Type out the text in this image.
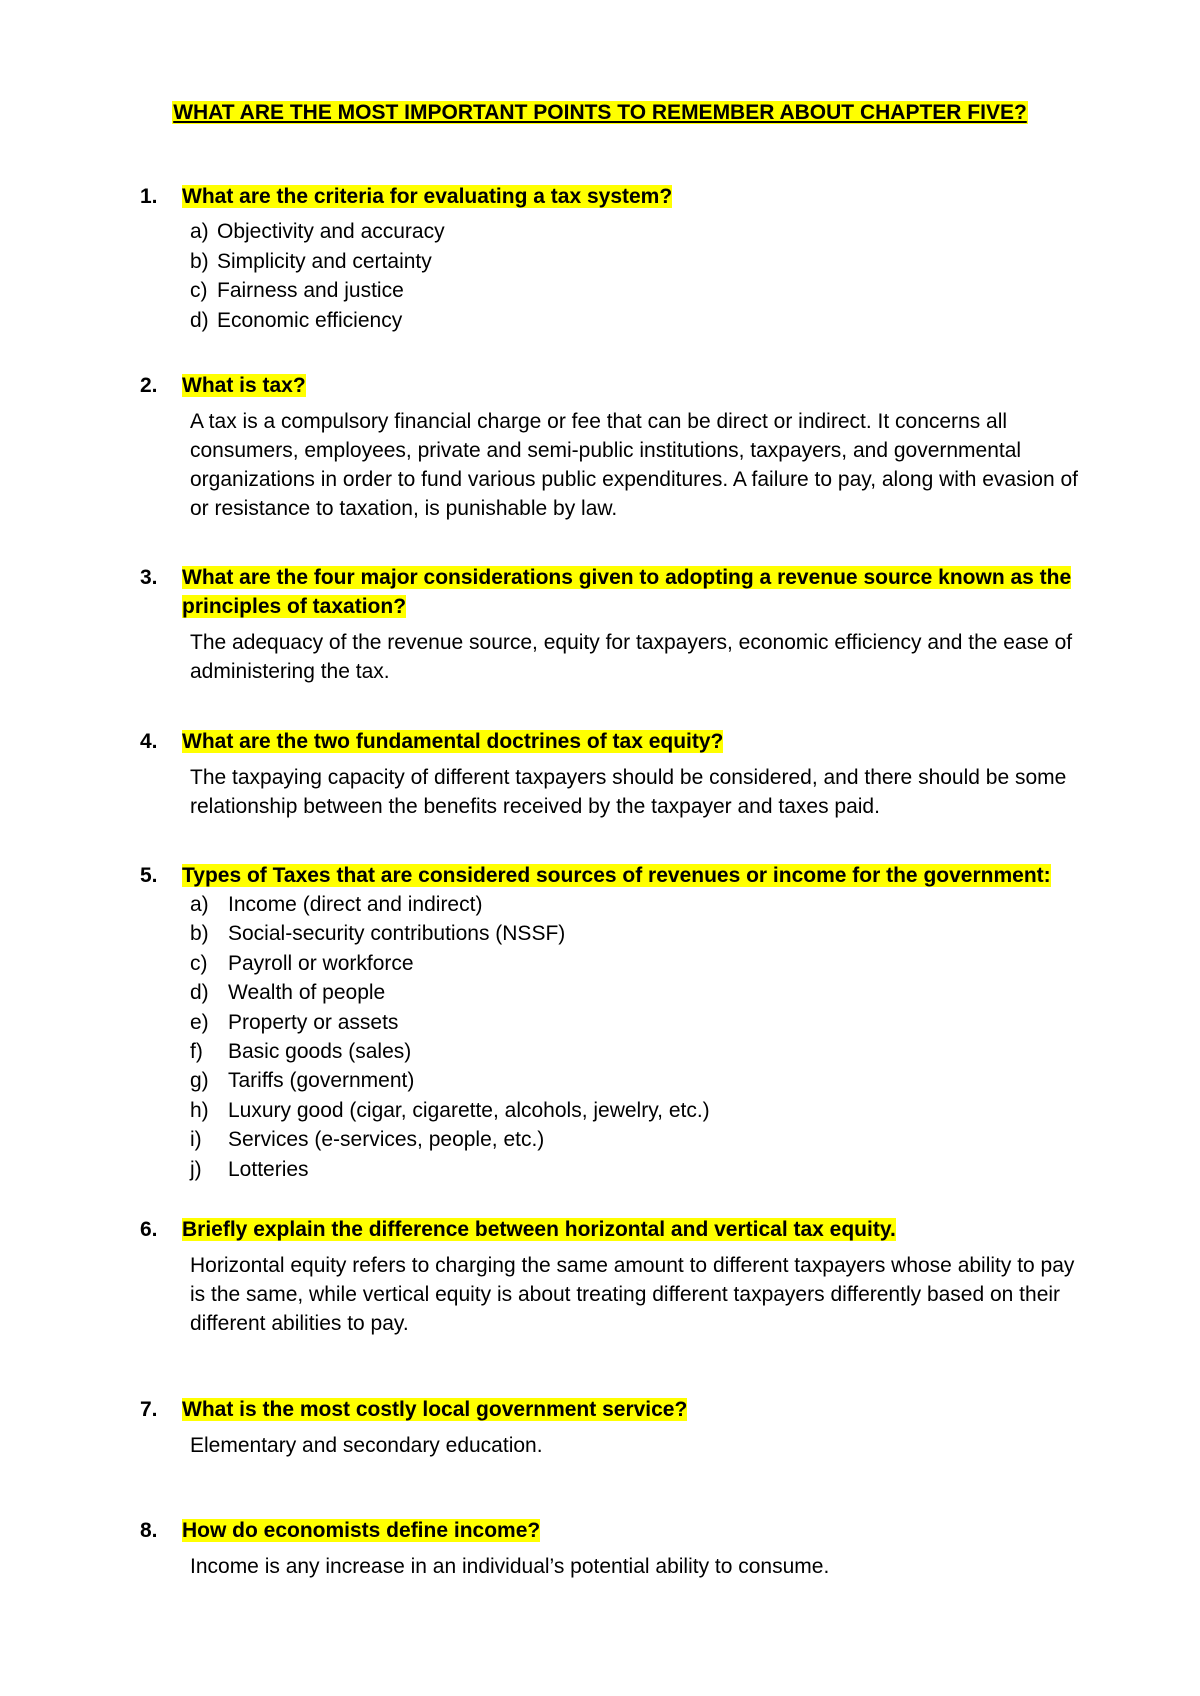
WHAT ARE THE MOST IMPORTANT POINTS TO REMEMBER ABOUT CHAPTER FIVE?
1.	What are the criteria for evaluating a tax system?
a) Objectivity and accuracy
b) Simplicity and certainty
c) Fairness and justice
d) Economic efficiency
2.	What is tax?
A tax is a compulsory financial charge or fee that can be direct or indirect. It concerns all consumers, employees, private and semi-public institutions, taxpayers, and governmental organizations in order to fund various public expenditures. A failure to pay, along with evasion of or resistance to taxation, is punishable by law.
3.	What are the four major considerations given to adopting a revenue source known as the principles of taxation?
The adequacy of the revenue source, equity for taxpayers, economic efficiency and the ease of administering the tax.
4.	What are the two fundamental doctrines of tax equity?
The taxpaying capacity of different taxpayers should be considered, and there should be some relationship between the benefits received by the taxpayer and taxes paid.
5.	Types of Taxes that are considered sources of revenues or income for the government:
a) Income (direct and indirect)
b) Social-security contributions (NSSF)
c) Payroll or workforce
d) Wealth of people
e) Property or assets
f)	Basic goods (sales)
g) Tariffs (government)
h) Luxury good (cigar, cigarette, alcohols, jewelry, etc.)
i)	Services (e-services, people, etc.)
j)	Lotteries
6.	Briefly explain the difference between horizontal and vertical tax equity.
Horizontal equity refers to charging the same amount to different taxpayers whose ability to pay is the same, while vertical equity is about treating different taxpayers differently based on their different abilities to pay.
7.	What is the most costly local government service?
Elementary and secondary education.
8.	How do economists define income?
Income is any increase in an individual’s potential ability to consume.
